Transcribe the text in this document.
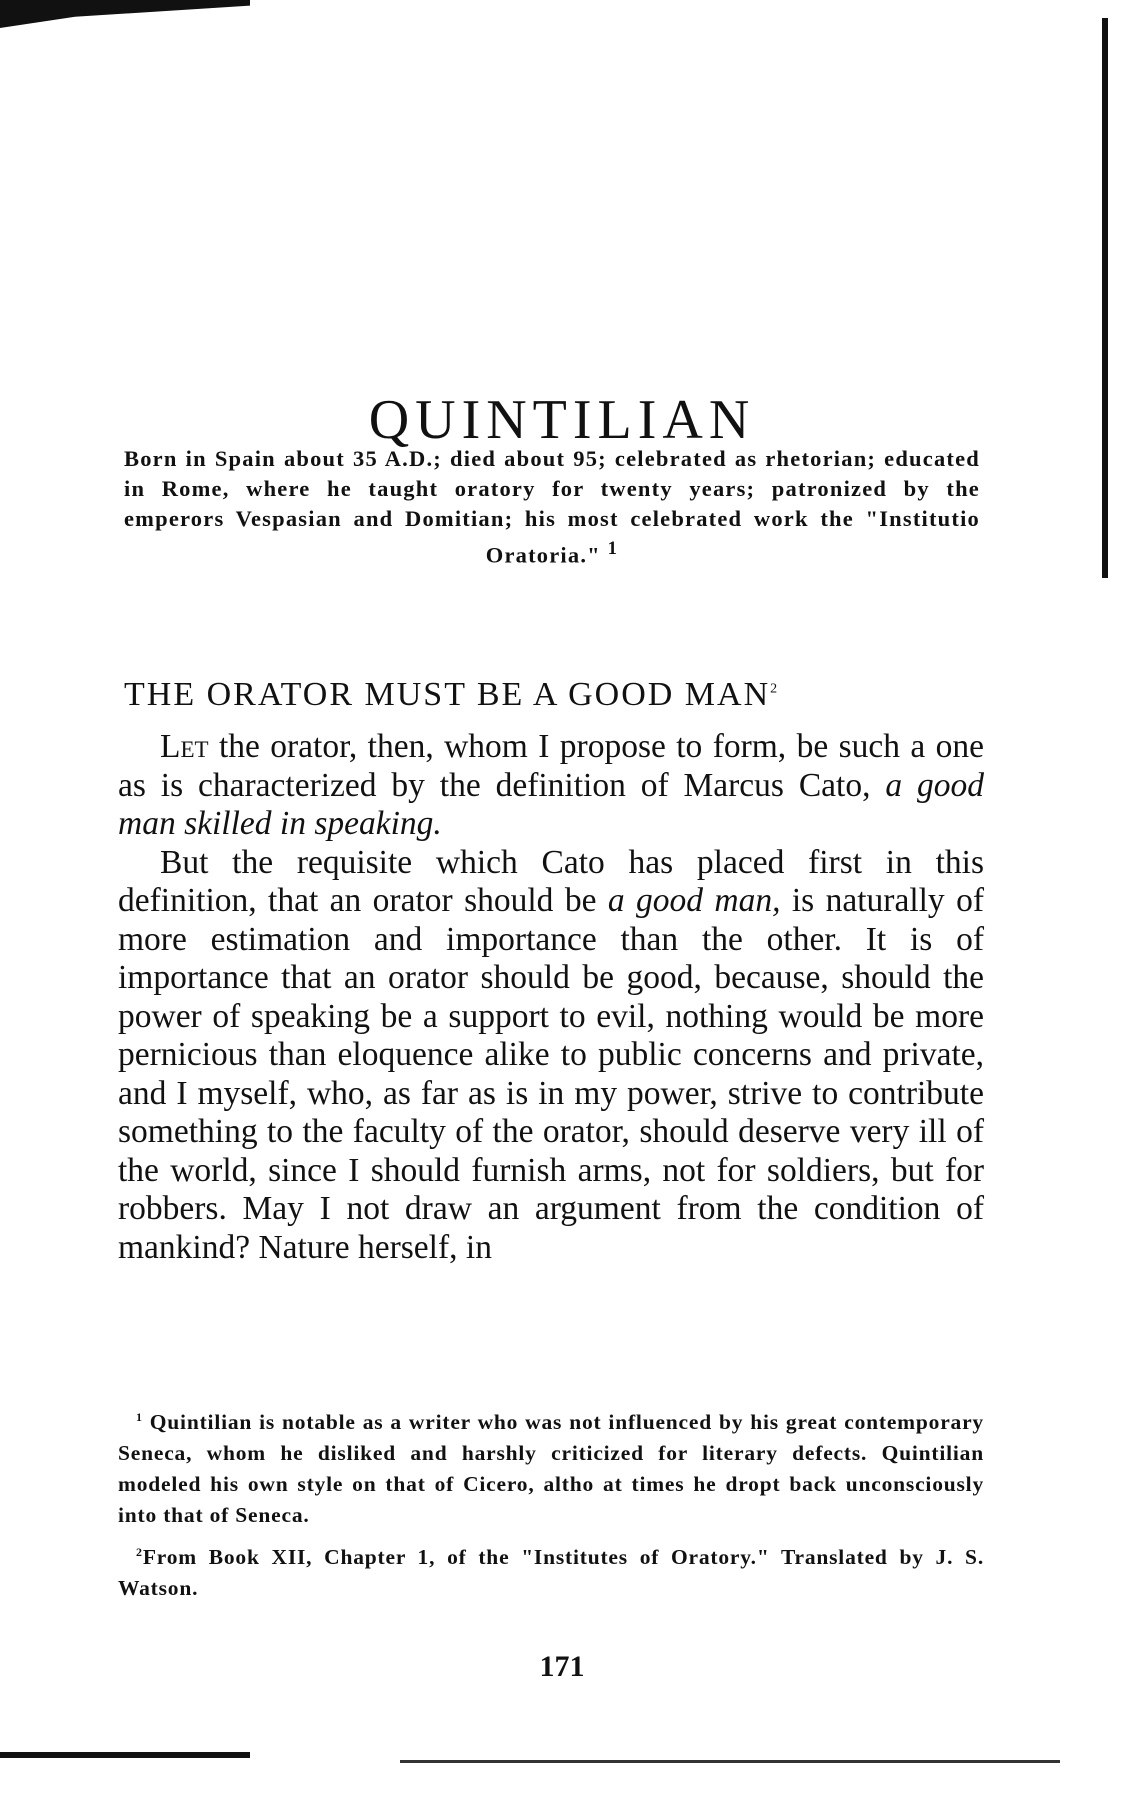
QUINTILIAN
Born in Spain about 35 A.D.; died about 95; celebrated as rhetorian; educated in Rome, where he taught oratory for twenty years; patronized by the emperors Vespasian and Domitian; his most celebrated work the "Institutio Oratoria." $^1$
THE ORATOR MUST BE A GOOD MAN$^2$

Let the orator, then, whom I propose to form, be such a one as is characterized by the definition of Marcus Cato, a good man skilled in speaking.

But the requisite which Cato has placed first in this definition, that an orator should be a good man, is naturally of more estimation and importance than the other. It is of importance that an orator should be good, because, should the power of speaking be a support to evil, nothing would be more pernicious than eloquence alike to public concerns and private, and I myself, who, as far as is in my power, strive to contribute something to the faculty of the orator, should deserve very ill of the world, since I should furnish arms, not for soldiers, but for robbers. May I not draw an argument from the condition of mankind? Nature herself, in

$^1$ Quintilian is notable as a writer who was not influenced by his great contemporary Seneca, whom he disliked and harshly criticized for literary defects. Quintilian modeled his own style on that of Cicero, altho at times he dropt back unconsciously into that of Seneca.

$^2$From Book XII, Chapter 1, of the "Institutes of Oratory." Translated by J. S. Watson.

171
